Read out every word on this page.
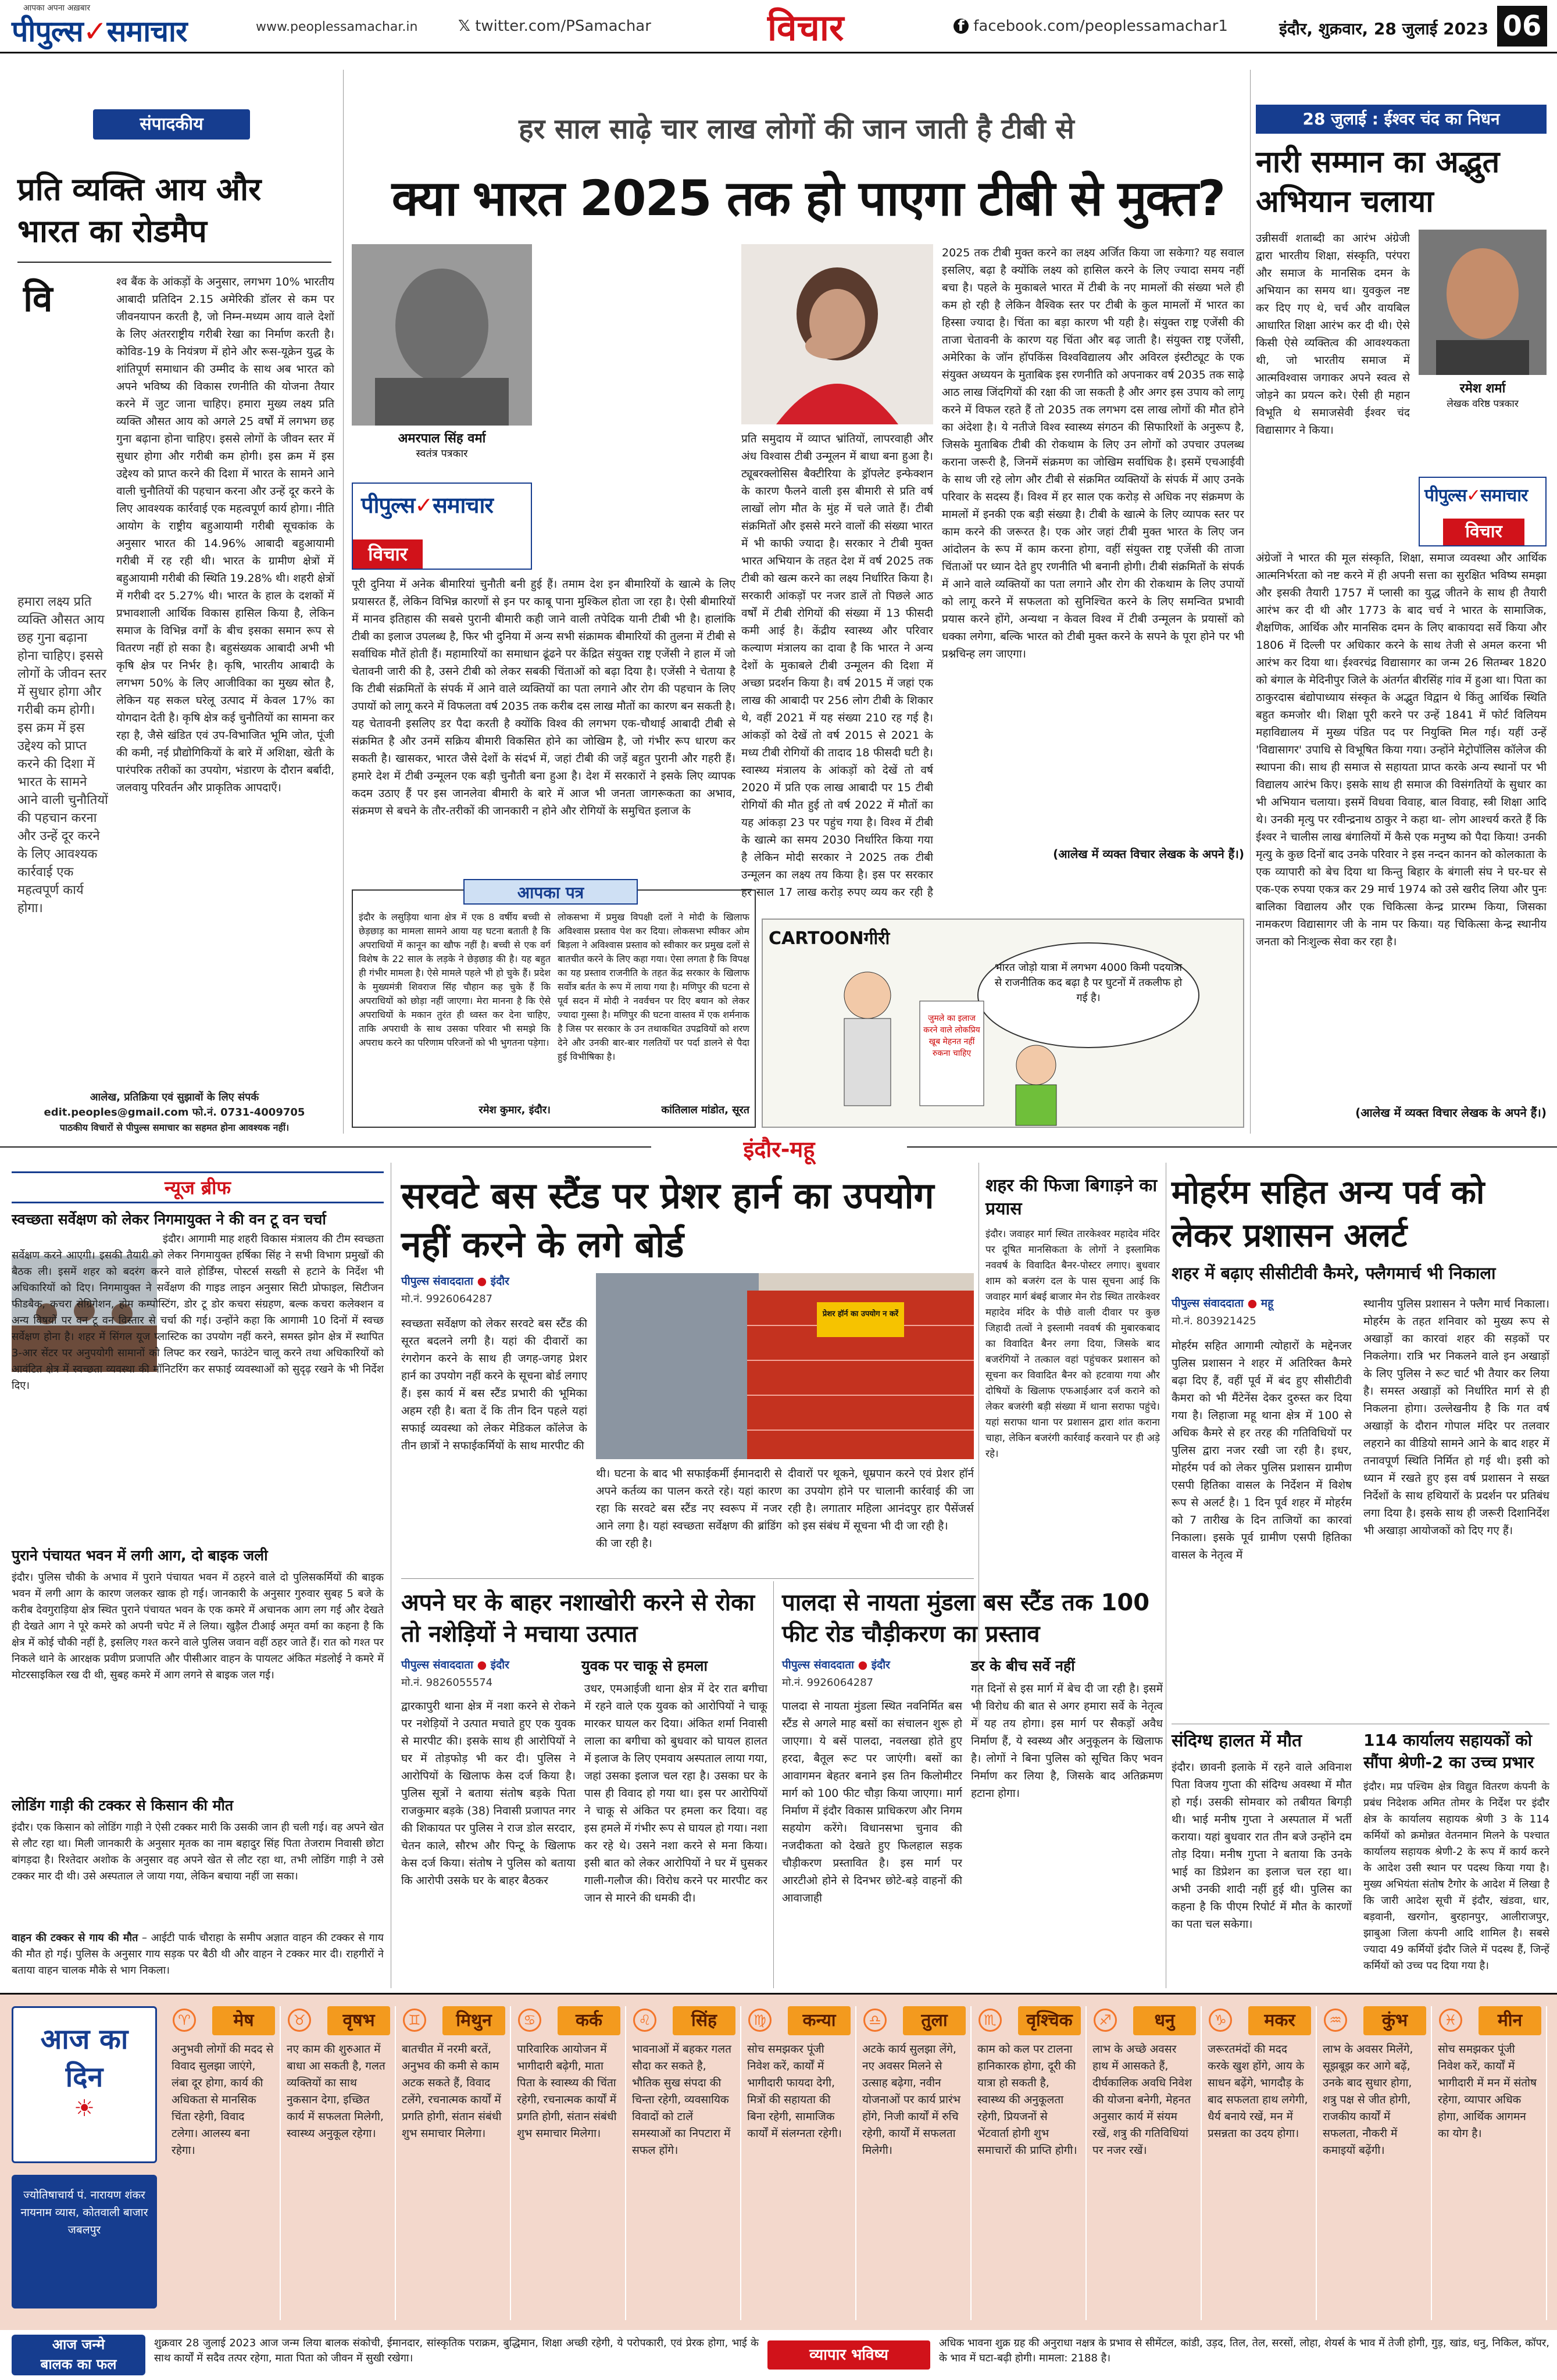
पीपुल्स✓समाचार
आपका अपना अख़बार
www.peoplessamachar.in	𝕏 twitter.com/PSamachar	विचार	f facebook.com/peoplessamachar1	इंदौर, शुक्रवार, 28 जुलाई 2023 06
संपादकीय
प्रति व्यक्ति आय और भारत का रोडमैप
वि	श्व बैंक के आंकड़ों के अनुसार, लगभग 10% भारतीय आबादी प्रतिदिन 2.15 अमेरिकी डॉलर से कम पर जीवनयापन करती है, जो निम्न-मध्यम आय वाले देशों के लिए अंतरराष्ट्रीय गरीबी रेखा का निर्माण करती है। कोविड-19 के नियंत्रण में होने और रूस-यूक्रेन युद्ध के शांतिपूर्ण समाधान की उम्मीद के साथ अब भारत को अपने भविष्य की विकास रणनीति की योजना तैयार करने में जुट जाना चाहिए। हमारा मुख्य लक्ष्य प्रति व्यक्ति औसत आय को अगले 25 वर्षों में लगभग छह गुना बढ़ाना होना चाहिए। इससे लोगों के जीवन स्तर में सुधार होगा और गरीबी कम होगी। इस क्रम में इस उद्देश्य को प्राप्त करने की दिशा में भारत के सामने आने वाली चुनौतियों की पहचान करना और उन्हें दूर करने के लिए आवश्यक कार्रवाई एक महत्वपूर्ण कार्य होगा। नीति आयोग के राष्ट्रीय बहुआयामी गरीबी सूचकांक के अनुसार भारत की 14.96% आबादी बहुआयामी गरीबी में रह रही थी। भारत के ग्रामीण क्षेत्रों में बहुआयामी गरीबी की स्थिति 19.28% थी। शहरी क्षेत्रों में गरीबी दर 5.27% थी। भारत के हाल के दशकों में प्रभावशाली आर्थिक विकास हासिल किया है, लेकिन समाज के विभिन्न वर्गों के बीच इसका समान रूप से वितरण नहीं हो सका है। बहुसंख्यक आबादी अभी भी कृषि क्षेत्र पर निर्भर है। कृषि, भारतीय आबादी के लगभग 50% के लिए आजीविका का मुख्य स्रोत है, लेकिन यह सकल घरेलू उत्पाद में केवल 17% का योगदान देती है। कृषि क्षेत्र कई चुनौतियों का सामना कर रहा है, जैसे खंडित एवं उप-विभाजित भूमि जोत, पूंजी की कमी, नई प्रौद्योगिकियों के बारे में अशिक्षा, खेती के पारंपरिक तरीकों का उपयोग, भंडारण के दौरान बर्बादी, जलवायु परिवर्तन और प्राकृतिक आपदाएँ।
हमारा लक्ष्य प्रति व्यक्ति औसत आय छह गुना बढ़ाना होना चाहिए। इससे लोगों के जीवन स्तर में सुधार होगा और गरीबी कम होगी। इस क्रम में इस उद्देश्य को प्राप्त करने की दिशा में भारत के सामने आने वाली चुनौतियों की पहचान करना और उन्हें दूर करने के लिए आवश्यक कार्रवाई एक महत्वपूर्ण कार्य होगा।
आलेख, प्रतिक्रिया एवं सुझावों के लिए संपर्क
edit.peoples@gmail.com फो.नं. 0731-4009705
पाठकीय विचारों से पीपुल्स समाचार का सहमत होना आवश्यक नहीं।
हर साल साढ़े चार लाख लोगों की जान जाती है टीबी से
क्या भारत 2025 तक हो पाएगा टीबी से मुक्त?
अमरपाल सिंह वर्मा
स्वतंत्र पत्रकार
पीपुल्स✓समाचार
विचार
पूरी दुनिया में अनेक बीमारियां चुनौती बनी हुई हैं। तमाम देश इन बीमारियों के खात्मे के लिए प्रयासरत हैं, लेकिन विभिन्न कारणों से इन पर काबू पाना मुश्किल होता जा रहा है। ऐसी बीमारियों में मानव इतिहास की सबसे पुरानी बीमारी कही जाने वाली तपेदिक यानी टीबी भी है। हालांकि टीबी का इलाज उपलब्ध है, फिर भी दुनिया में अन्य सभी संक्रामक बीमारियों की तुलना में टीबी से सर्वाधिक मौतें होती हैं। महामारियों का समाधान ढूंढने पर केंद्रित संयुक्त राष्ट्र एजेंसी ने हाल में जो चेतावनी जारी की है, उसने टीबी को लेकर सबकी चिंताओं को बढ़ा दिया है। एजेंसी ने चेताया है कि टीबी संक्रमितों के संपर्क में आने वाले व्यक्तियों का पता लगाने और रोग की पहचान के लिए उपायों को लागू करने में विफलता वर्ष 2035 तक करीब दस लाख मौतों का कारण बन सकती है। यह चेतावनी इसलिए डर पैदा करती है क्योंकि विश्व की लगभग एक-चौथाई आबादी टीबी से संक्रमित है और उनमें सक्रिय बीमारी विकसित होने का जोखिम है, जो गंभीर रूप धारण कर सकती है। खासकर, भारत जैसे देशों के संदर्भ में, जहां टीबी की जड़ें बहुत पुरानी और गहरी हैं। हमारे देश में टीबी उन्मूलन एक बड़ी चुनौती बना हुआ है। देश में सरकारों ने इसके लिए व्यापक कदम उठाए हैं पर इस जानलेवा बीमारी के बारे में आज भी जनता जागरूकता का अभाव, संक्रमण से बचने के तौर-तरीकों की जानकारी न होने और रोगियों के समुचित इलाज के
प्रति समुदाय में व्याप्त भ्रांतियों, लापरवाही और अंध विश्वास टीबी उन्मूलन में बाधा बना हुआ है। ट्यूबरक्लोसिस बैक्टीरिया के ड्रॉपलेट इन्फेक्शन के कारण फैलने वाली इस बीमारी से प्रति वर्ष लाखों लोग मौत के मुंह में चले जाते हैं। टीबी संक्रमितों और इससे मरने वालों की संख्या भारत में भी काफी ज्यादा है। सरकार ने टीबी मुक्त भारत अभियान के तहत देश में वर्ष 2025 तक टीबी को खत्म करने का लक्ष्य निर्धारित किया है। सरकारी आंकड़ों पर नजर डालें तो पिछले आठ वर्षों में टीबी रोगियों की संख्या में 13 फीसदी कमी आई है। केंद्रीय स्वास्थ्य और परिवार कल्याण मंत्रालय का दावा है कि भारत ने अन्य देशों के मुकाबले टीबी उन्मूलन की दिशा में अच्छा प्रदर्शन किया है। वर्ष 2015 में जहां एक लाख की आबादी पर 256 लोग टीबी के शिकार थे, वहीं 2021 में यह संख्या 210 रह गई है। आंकड़ों को देखें तो वर्ष 2015 से 2021 के मध्य टीबी रोगियों की तादाद 18 फीसदी घटी है। स्वास्थ्य मंत्रालय के आंकड़ों को देखें तो वर्ष 2020 में प्रति एक लाख आबादी पर 15 टीबी रोगियों की मौत हुई तो वर्ष 2022 में मौतों का यह आंकड़ा 23 पर पहुंच गया है। विश्व में टीबी के खात्मे का समय 2030 निर्धारित किया गया है लेकिन मोदी सरकार ने 2025 तक टीबी उन्मूलन का लक्ष्य तय किया है। इस पर सरकार हर साल 17 लाख करोड़ रुपए व्यय कर रही है
2025 तक टीबी मुक्त करने का लक्ष्य अर्जित किया जा सकेगा? यह सवाल इसलिए, बढ़ा है क्योंकि लक्ष्य को हासिल करने के लिए ज्यादा समय नहीं बचा है। पहले के मुकाबले भारत में टीबी के नए मामलों की संख्या भले ही कम हो रही है लेकिन वैश्विक स्तर पर टीबी के कुल मामलों में भारत का हिस्सा ज्यादा है। चिंता का बड़ा कारण भी यही है। संयुक्त राष्ट्र एजेंसी की ताजा चेतावनी के कारण यह चिंता और बढ़ जाती है। संयुक्त राष्ट्र एजेंसी, अमेरिका के जॉन हॉपकिंस विश्वविद्यालय और अविरल इंस्टीट्यूट के एक संयुक्त अध्ययन के मुताबिक इस रणनीति को अपनाकर वर्ष 2035 तक साढ़े आठ लाख जिंदगियों की रक्षा की जा सकती है और अगर इस उपाय को लागू करने में विफल रहते हैं तो 2035 तक लगभग दस लाख लोगों की मौत होने का अंदेशा है। ये नतीजे विश्व स्वास्थ्य संगठन की सिफारिशों के अनुरूप है, जिसके मुताबिक टीबी की रोकथाम के लिए उन लोगों को उपचार उपलब्ध कराना जरूरी है, जिनमें संक्रमण का जोखिम सर्वाधिक है। इसमें एचआईवी के साथ जी रहे लोग और टीबी से संक्रमित व्यक्तियों के संपर्क में आए उनके परिवार के सदस्य हैं। विश्व में हर साल एक करोड़ से अधिक नए संक्रमण के मामलों में इनकी एक बड़ी संख्या है। टीबी के खात्मे के लिए व्यापक स्तर पर काम करने की जरूरत है। एक ओर जहां टीबी मुक्त भारत के लिए जन आंदोलन के रूप में काम करना होगा, वहीं संयुक्त राष्ट्र एजेंसी की ताजा चिंताओं पर ध्यान देते हुए रणनीति भी बनानी होगी। टीबी संक्रमितों के संपर्क में आने वाले व्यक्तियों का पता लगाने और रोग की रोकथाम के लिए उपायों को लागू करने में सफलता को सुनिश्चित करने के लिए समन्वित प्रभावी प्रयास करने होंगे, अन्यथा न केवल विश्व में टीबी उन्मूलन के प्रयासों को धक्का लगेगा, बल्कि भारत को टीबी मुक्त करने के सपने के पूरा होने पर भी प्रश्नचिन्ह लग जाएगा।
(आलेख में व्यक्त विचार लेखक के अपने हैं।)
आपका पत्र
इंदौर के लसुड़िया थाना क्षेत्र में एक 8 वर्षीय बच्ची से छेड़छाड़ का मामला सामने आया यह घटना बताती है कि अपराधियों में कानून का खौफ नहीं है। बच्ची से एक वर्ग विशेष के 22 साल के लड़के ने छेड़छाड़ की है। यह बहुत ही गंभीर मामला है। ऐसे मामले पहले भी हो चुके हैं। प्रदेश के मुख्यमंत्री शिवराज सिंह चौहान कह चुके हैं कि अपराधियों को छोड़ा नहीं जाएगा। मेरा मानना है कि ऐसे अपराधियों के मकान तुरंत ही ध्वस्त कर देना चाहिए, ताकि अपराधी के साथ उसका परिवार भी समझे कि अपराध करने का परिणाम परिजनों को भी भुगतना पड़ेगा।
रमेश कुमार, इंदौर।
लोकसभा में प्रमुख विपक्षी दलों ने मोदी के खिलाफ अविश्वास प्रस्ताव पेश कर दिया। लोकसभा स्पीकर ओम बिड़ला ने अविश्वास प्रस्ताव को स्वीकार कर प्रमुख दलों से बातचीत करने के लिए कहा गया। ऐसा लगता है कि विपक्ष का यह प्रस्ताव राजनीति के तहत केंद्र सरकार के खिलाफ सर्वोत्र बर्तत के रूप में लाया गया है। मणिपुर की घटना से पूर्व सदन में मोदी ने नवर्वचन पर दिए बयान को लेकर ज्यादा गुस्सा है। मणिपुर की घटना वास्तव में एक शर्मनाक है जिस पर सरकार के उन तथाकथित उपद्रवियों को शरण देने और उनकी बार-बार गलतियों पर पर्दा डालने से पैदा हुई विभीषिका है।
कांतिलाल मांडोत, सूरत
CARTOONगीरी
भारत जोड़ो यात्रा में लगभग 4000 किमी पदयात्रा से राजनीतिक कद बढ़ा है पर घुटनों में तकलीफ हो गई है।
जुमले का इलाज करने वाले लोकप्रिय खूब मेहनत नहीं रुकना चाहिए
28 जुलाई : ईश्वर चंद का निधन
नारी सम्मान का अद्भुत अभियान चलाया
उन्नीसवीं शताब्दी का आरंभ अंग्रेजी द्वारा भारतीय शिक्षा, संस्कृति, परंपरा और समाज के मानसिक दमन के अभियान का समय था। युवकुल नष्ट कर दिए गए थे, चर्च और वायबिल आधारित शिक्षा आरंभ कर दी थी। ऐसे किसी ऐसे व्यक्तित्व की आवश्यकता थी, जो भारतीय समाज में आत्मविश्वास जगाकर अपने स्वत्व से जोड़ने का प्रयत्न करे। ऐसी ही महान विभूति थे समाजसेवी ईश्वर चंद विद्यासागर ने किया।
रमेश शर्मा
लेखक वरिष्ठ पत्रकार
पीपुल्स✓समाचार
विचार
अंग्रेजों ने भारत की मूल संस्कृति, शिक्षा, समाज व्यवस्था और आर्थिक आत्मनिर्भरता को नष्ट करने में ही अपनी सत्ता का सुरक्षित भविष्य समझा और इसकी तैयारी 1757 में प्लासी का युद्ध जीतने के साथ ही तैयारी आरंभ कर दी थी और 1773 के बाद चर्च ने भारत के सामाजिक, शैक्षणिक, आर्थिक और मानसिक दमन के लिए बाकायदा सर्वे किया और 1806 में दिल्ली पर अधिकार करने के साथ तेजी से अमल करना भी आरंभ कर दिया था। ईश्वरचंद्र विद्यासागर का जन्म 26 सितम्बर 1820 को बंगाल के मेदिनीपुर जिले के अंतर्गत बीरसिंह गांव में हुआ था। पिता का ठाकुरदास बंद्योपाध्याय संस्कृत के अद्भुत विद्वान थे किंतु आर्थिक स्थिति बहुत कमजोर थी। शिक्षा पूरी करने पर उन्हें 1841 में फोर्ट विलियम महाविद्यालय में मुख्य पंडित पद पर नियुक्ति मिल गई। यहीं उन्हें 'विद्यासागर' उपाधि से विभूषित किया गया। उन्होंने मेट्रोपॉलिस कॉलेज की स्थापना की। साथ ही समाज से सहायता प्राप्त करके अन्य स्थानों पर भी विद्यालय आरंभ किए। इसके साथ ही समाज की विसंगतियों के सुधार का भी अभियान चलाया। इसमें विधवा विवाह, बाल विवाह, स्त्री शिक्षा आदि थे। उनकी मृत्यु पर रवीन्द्रनाथ ठाकुर ने कहा था- लोग आश्चर्य करते हैं कि ईश्वर ने चालीस लाख बंगालियों में कैसे एक मनुष्य को पैदा किया! उनकी मृत्यु के कुछ दिनों बाद उनके परिवार ने इस नन्दन कानन को कोलकाता के एक व्यापारी को बेच दिया था किन्तु बिहार के बंगाली संघ ने घर-घर से एक-एक रुपया एकत्र कर 29 मार्च 1974 को उसे खरीद लिया और पुनः बालिका विद्यालय और एक चिकित्सा केन्द्र प्रारम्भ किया, जिसका नामकरण विद्यासागर जी के नाम पर किया। यह चिकित्सा केन्द्र स्थानीय जनता को निःशुल्क सेवा कर रहा है।
(आलेख में व्यक्त विचार लेखक के अपने हैं।)
इंदौर-महू
न्यूज ब्रीफ
स्वच्छता सर्वेक्षण को लेकर निगमायुक्त ने की वन टू वन चर्चा
इंदौर। आगामी माह शहरी विकास मंत्रालय की टीम स्वच्छता सर्वेक्षण करने आएगी। इसकी तैयारी को लेकर निगमायुक्त हर्षिका सिंह ने सभी विभाग प्रमुखों की बैठक ली। इसमें शहर को बदरंग करने वाले होर्डिंग्स, पोस्टर्स सख्ती से हटाने के निर्देश भी अधिकारियों को दिए। निगमायुक्त ने सर्वेक्षण की गाइड लाइन अनुसार सिटी प्रोफाइल, सिटीजन फीडबैक, कचरा सेग्रिगेशन, होम कम्पोस्टिंग, डोर टू डोर कचरा संग्रहण, बल्क कचरा कलेक्शन व अन्य विषयों पर वन टू वन विस्तार से चर्चा की गई। उन्होंने कहा कि आगामी 10 दिनों में स्वच्छ सर्वेक्षण होना है। शहर में सिंगल यूज प्लास्टिक का उपयोग नहीं करने, समस्त झोन क्षेत्र में स्थापित 3-आर सेंटर पर अनुपयोगी सामानों को लिफ्ट कर रखने, फाउंटेन चालू करने तथा अधिकारियों को आवंटित क्षेत्र में स्वच्छता व्यवस्था की मॉनिटरिंग कर सफाई व्यवस्थाओं को सुदृढ़ रखने के भी निर्देश दिए।
पुराने पंचायत भवन में लगी आग, दो बाइक जली
इंदौर। पुलिस चौकी के अभाव में पुराने पंचायत भवन में ठहरने वाले दो पुलिसकर्मियों की बाइक भवन में लगी आग के कारण जलकर खाक हो गई। जानकारी के अनुसार गुरुवार सुबह 5 बजे के करीब देवगुराड़िया क्षेत्र स्थित पुराने पंचायत भवन के एक कमरे में अचानक आग लग गई और देखते ही देखते आग ने पूरे कमरे को अपनी चपेट में ले लिया। खुड़ैल टीआई अमृत वर्मा का कहना है कि क्षेत्र में कोई चौकी नहीं है, इसलिए गश्त करने वाले पुलिस जवान वहीं ठहर जाते हैं। रात को गश्त पर निकले थाने के आरक्षक प्रवीण प्रजापति और पीसीआर वाहन के पायलट अंकित मंडलोई ने कमरे में मोटरसाइकिल रख दी थी, सुबह कमरे में आग लगने से बाइक जल गई।
लोडिंग गाड़ी की टक्कर से किसान की मौत
इंदौर। एक किसान को लोडिंग गाड़ी ने ऐसी टक्कर मारी कि उसकी जान ही चली गई। वह अपने खेत से लौट रहा था। मिली जानकारी के अनुसार मृतक का नाम बहादुर सिंह पिता तेजराम निवासी छोटा बांगड़दा है। रिश्तेदार अशोक के अनुसार वह अपने खेत से लौट रहा था, तभी लोडिंग गाड़ी ने उसे टक्कर मार दी थी। उसे अस्पताल ले जाया गया, लेकिन बचाया नहीं जा सका।
वाहन की टक्कर से गाय की मौत – आईटी पार्क चौराहा के समीप अज्ञात वाहन की टक्कर से गाय की मौत हो गई। पुलिस के अनुसार गाय सड़क पर बैठी थी और वाहन ने टक्कर मार दी। राहगीरों ने बताया वाहन चालक मौके से भाग निकला।
सरवटे बस स्टैंड पर प्रेशर हार्न का उपयोग नहीं करने के लगे बोर्ड
पीपुल्स संवाददाता ● इंदौर
मो.नं. 9926064287
स्वच्छता सर्वेक्षण को लेकर सरवटे बस स्टैंड की सूरत बदलने लगी है। यहां की दीवारों का रंगरोगन करने के साथ ही जगह-जगह प्रेशर हार्न का उपयोग नहीं करने के सूचना बोर्ड लगाए हैं। इस कार्य में बस स्टैंड प्रभारी की भूमिका अहम रही है। बता दें कि तीन दिन पहले यहां सफाई व्यवस्था को लेकर मेडिकल कॉलेज के तीन छात्रों ने सफाईकर्मियों के साथ मारपीट की
प्रेशर हॉर्न का उपयोग न करें
थी। घटना के बाद भी सफाईकर्मी ईमानदारी से अपने कर्तव्य का पालन करते रहे। यहां कारण रहा कि सरवटे बस स्टैंड नए स्वरूप में नजर आने लगा है। यहां स्वच्छता सर्वेक्षण की ब्रांडिंग की जा रही है।
दीवारों पर थूकने, धूम्रपान करने एवं प्रेशर हॉर्न का उपयोग होने पर चालानी कार्रवाई की जा रही है। लगातार महिला आनंदपुर हार पैसेंजर्स को इस संबंध में सूचना भी दी जा रही है।
शहर की फिजा बिगाड़ने का प्रयास
इंदौर। जवाहर मार्ग स्थित तारकेश्वर महादेव मंदिर पर दूषित मानसिकता के लोगों ने इस्लामिक नववर्ष के विवादित बैनर-पोस्टर लगाए। बुधवार शाम को बजरंग दल के पास सूचना आई कि जवाहर मार्ग बंबई बाजार मेन रोड स्थित तारकेश्वर महादेव मंदिर के पीछे वाली दीवार पर कुछ जिहादी तत्वों ने इस्लामी नववर्ष की मुबारकबाद का विवादित बैनर लगा दिया, जिसके बाद बजरंगियों ने तत्काल वहां पहुंचकर प्रशासन को सूचना कर विवादित बैनर को हटवाया गया और दोषियों के खिलाफ एफआईआर दर्ज कराने को लेकर बजरंगी बड़ी संख्या में थाना सराफा पहुंचे। यहां सराफा थाना पर प्रशासन द्वारा शांत कराना चाहा, लेकिन बजरंगी कार्रवाई करवाने पर ही अड़े रहे।
मोहर्रम सहित अन्य पर्व को लेकर प्रशासन अलर्ट
शहर में बढ़ाए सीसीटीवी कैमरे, फ्लैगमार्च भी निकाला
पीपुल्स संवाददाता ● महू
मो.नं. 8039214​25
मोहर्रम सहित आगामी त्योहारों के मद्देनजर पुलिस प्रशासन ने शहर में अतिरिक्त कैमरे बढ़ा दिए हैं, वहीं पूर्व में बंद हुए सीसीटीवी कैमरा को भी मैंटेनेंस देकर दुरुस्त कर दिया गया है। लिहाजा महू थाना क्षेत्र में 100 से अधिक कैमरे से हर तरह की गतिविधियों पर पुलिस द्वारा नजर रखी जा रही है। इधर, मोहर्रम पर्व को लेकर पुलिस प्रशासन ग्रामीण एसपी हितिका वासल के निर्देशन में विशेष रूप से अलर्ट है। 1 दिन पूर्व शहर में मोहर्रम को 7 तारीख के दिन ताजियों का कारवां निकाला। इसके पूर्व ग्रामीण एसपी हितिका वासल के नेतृत्व में
स्थानीय पुलिस प्रशासन ने फ्लैग मार्च निकाला। मोहर्रम के तहत शनिवार को मुख्य रूप से अखाड़ों का कारवां शहर की सड़कों पर निकलेगा। रात्रि भर निकलने वाले इन अखाड़ों के लिए पुलिस ने रूट चार्ट भी तैयार कर लिया है। समस्त अखाड़ों को निर्धारित मार्ग से ही निकलना होगा। उल्लेखनीय है कि गत वर्ष अखाड़ों के दौरान गोपाल मंदिर पर तलवार लहराने का वीडियो सामने आने के बाद शहर में तनावपूर्ण स्थिति निर्मित हो गई थी। इसी को ध्यान में रखते हुए इस वर्ष प्रशासन ने सख्त निर्देशों के साथ हथियारों के प्रदर्शन पर प्रतिबंध लगा दिया है। इसके साथ ही जरूरी दिशानिर्देश भी अखाड़ा आयोजकों को दिए गए हैं।
अपने घर के बाहर नशाखोरी करने से रोका तो नशेड़ियों ने मचाया उत्पात
पीपुल्स संवाददाता ● इंदौर
मो.नं. 9826055574
युवक पर चाकू से हमला
द्वारकापुरी थाना क्षेत्र में नशा करने से रोकने पर नशेड़ियों ने उत्पात मचाते हुए एक युवक से मारपीट की। इसके साथ ही आरोपियों ने घर में तोड़फोड़ भी कर दी। पुलिस ने आरोपियों के खिलाफ केस दर्ज किया है। पुलिस सूत्रों ने बताया संतोष बड़के पिता राजकुमार बड़के (38) निवासी प्रजापत नगर की शिकायत पर पुलिस ने राज डोल सरदार, चेतन काले, सौरभ और पिन्टू के खिलाफ केस दर्ज किया। संतोष ने पुलिस को बताया कि आरोपी उसके घर के बाहर बैठकर
उधर, एमआईजी थाना क्षेत्र में देर रात बगीचा में रहने वाले एक युवक को आरोपियों ने चाकू मारकर घायल कर दिया। अंकित शर्मा निवासी लाला का बगीचा को बुधवार को घायल हालत में इलाज के लिए एमवाय अस्पताल लाया गया, जहां उसका इलाज चल रहा है। उसका घर के पास ही विवाद हो गया था। इस पर आरोपियों ने चाकू से अंकित पर हमला कर दिया। वह इस हमले में गंभीर रूप से घायल हो गया। नशा कर रहे थे। उसने नशा करने से मना किया। इसी बात को लेकर आरोपियों ने घर में घुसकर गाली-गलौज की। विरोध करने पर मारपीट कर जान से मारने की धमकी दी।
पालदा से नायता मुंडला बस स्टैंड तक 100 फीट रोड चौड़ीकरण का प्रस्ताव
पीपुल्स संवाददाता ● इंदौर
मो.नं. 9926064287
पालदा से नायता मुंडला स्थित नवनिर्मित बस स्टैंड से अगले माह बसों का संचालन शुरू हो जाएगा। ये बसें पालदा, नवलखा होते हुए हरदा, बैतूल रूट पर जाएंगी। बसों का आवागमन बेहतर बनाने इस तिन किलोमीटर मार्ग को 100 फीट चौड़ा किया जाएगा। मार्ग निर्माण में इंदौर विकास प्राधिकरण और निगम सहयोग करेंगे। विधानसभा चुनाव की नजदीकता को देखते हुए फिलहाल सड़क चौड़ीकरण प्रस्तावित है। इस मार्ग पर आरटीओ होने से दिनभर छोटे-बड़े वाहनों की आवाजाही
डर के बीच सर्वे नहीं
गत दिनों से इस मार्ग में बेच दी जा रही है। इसमें भी विरोध की बात से अगर हमारा सर्वे के नेतृत्व में यह तय होगा। इस मार्ग पर सैकड़ों अवैध निर्माण हैं, ये स्वस्थ्य और अनुकूलन के खिलाफ है। लोगों ने बिना पुलिस को सूचित किए भवन निर्माण कर लिया है, जिसके बाद अतिक्रमण हटाना होगा।
संदिग्ध हालत में मौत
इंदौर। छावनी इलाके में रहने वाले अविनाश पिता विजय गुप्ता की संदिग्ध अवस्था में मौत हो गई। उसकी सोमवार को तबीयत बिगड़ी थी। भाई मनीष गुप्ता ने अस्पताल में भर्ती कराया। यहां बुधवार रात तीन बजे उन्होंने दम तोड़ दिया। मनीष गुप्ता ने बताया कि उनके भाई का डिप्रेशन का इलाज चल रहा था। अभी उनकी शादी नहीं हुई थी। पुलिस का कहना है कि पीएम रिपोर्ट में मौत के कारणों का पता चल सकेगा।
114 कार्यालय सहायकों को सौंपा श्रेणी-2 का उच्च प्रभार
इंदौर। मप्र पश्चिम क्षेत्र विद्युत वितरण कंपनी के प्रबंध निदेशक अमित तोमर के निर्देश पर इंदौर क्षेत्र के कार्यालय सहायक श्रेणी 3 के 114 कर्मियों को क्रमोन्नत वेतनमान मिलने के पश्चात कार्यालय सहायक श्रेणी-2 के रूप में कार्य करने के आदेश उसी स्थान पर पदस्थ किया गया है। मुख्य अभियंता संतोष टैगोर के आदेश में लिखा है कि जारी आदेश सूची में इंदौर, खंडवा, धार, बड़वानी, खरगोन, बुरहानपुर, आलीराजपुर, झाबुआ जिला कंपनी आदि शामिल है। सबसे ज्यादा 49 कर्मियों इंदौर जिले में पदस्थ हैं, जिन्हें कर्मियों को उच्च पद दिया गया है।
आज का
दिन
☀
ज्योतिषाचार्य पं. नारायण शंकर नायनाम व्यास, कोतवाली बाजार जबलपुर
♈	मेष
अनुभवी लोगों की मदद से विवाद सुलझा जाएंगे, लंबा दूर होगा, कार्य की अधिकता से मानसिक चिंता रहेगी, विवाद टलेगा। आलस्य बना रहेगा।
♉	वृषभ
नए काम की शुरुआत में बाधा आ सकती है, गलत व्यक्तियों का साथ नुकसान देगा, इच्छित कार्य में सफलता मिलेगी, स्वास्थ्य अनुकूल रहेगा।
♊	मिथुन
बातचीत में नरमी बरतें, अनुभव की कमी से काम अटक सकते हैं, विवाद टलेंगे, रचनात्मक कार्यों में प्रगति होगी, संतान संबंधी शुभ समाचार मिलेगा।
♋	कर्क
पारिवारिक आयोजन में भागीदारी बढ़ेगी, माता पिता के स्वास्थ्य की चिंता रहेगी, रचनात्मक कार्यों में प्रगति होगी, संतान संबंधी शुभ समाचार मिलेगा।
♌	सिंह
भावनाओं में बहकर गलत सौदा कर सकते है, भौतिक सुख संपदा की चिन्ता रहेगी, व्यवसायिक विवादों को टालें समस्याओं का निपटारा में सफल होंगे।
♍	कन्या
सोच समझकर पूंजी निवेश करें, कार्यों में भागीदारी फायदा देगी, मित्रों की सहायता की बिना रहेगी, सामाजिक कार्यों में संलग्नता रहेगी।
♎	तुला
अटके कार्य सुलझा लेंगे, नए अवसर मिलने से उत्साह बढ़ेगा, नवीन योजनाओं पर कार्य प्रारंभ होंगे, निजी कार्यों में रुचि रहेगी, कार्यों में सफलता मिलेगी।
♏	वृश्चिक
काम को कल पर टालना हानिकारक होगा, दूरी की यात्रा हो सकती है, स्वास्थ्य की अनुकूलता रहेगी, प्रियजनों से भेंटवार्ता होगी शुभ समाचारों की प्राप्ति होगी।
♐	धनु
लाभ के अच्छे अवसर हाथ में आसकते हैं, दीर्घकालिक अवधि निवेश की योजना बनेगी, मेहनत अनुसार कार्य में संयम रखें, शत्रु की गतिविधियां पर नजर रखें।
♑	मकर
जरूरतमंदों की मदद करके खुश होंगे, आय के साधन बढ़ेंगे, भागदौड़ के बाद सफलता हाथ लगेगी, धैर्य बनाये रखें, मन में प्रसन्नता का उदय होगा।
♒	कुंभ
लाभ के अवसर मिलेंगे, सूझबूझ कर आगे बढ़ें, उनके बाद सुधार होगा, शत्रु पक्ष से जीत होगी, राजकीय कार्यों में सफलता, नौकरी में कमाइयों बढ़ेंगी।
♓	मीन
सोच समझकर पूंजी निवेश करें, कार्यों में भागीदारी में मन में संतोष रहेगा, व्यापार अधिक होगा, आर्थिक आगमन का योग है।
आज जन्मे
बालक का फल
शुक्रवार 28 जुलाई 2023 आज जन्म लिया बालक संकोची, ईमानदार, सांस्कृतिक पराक्रम, बुद्धिमान, शिक्षा अच्छी रहेगी, ये परोपकारी, एवं प्रेरक होगा, भाई के साथ कार्यों में सदैव तत्पर रहेगा, माता पिता को जीवन में सुखी रखेगा।	व्यापार भविष्य
अधिक भावना शुक्र ग्रह की अनुराधा नक्षत्र के प्रभाव से सीमेंटल, कांडी, उड़द, तिल, तेल, सरसों, लोहा, शेयर्स के भाव में तेजी होगी, गुड़, खांड, धनु, निकिल, कॉपर, के भाव में घटा-बढ़ी होगी। मामला: 2188 है।
